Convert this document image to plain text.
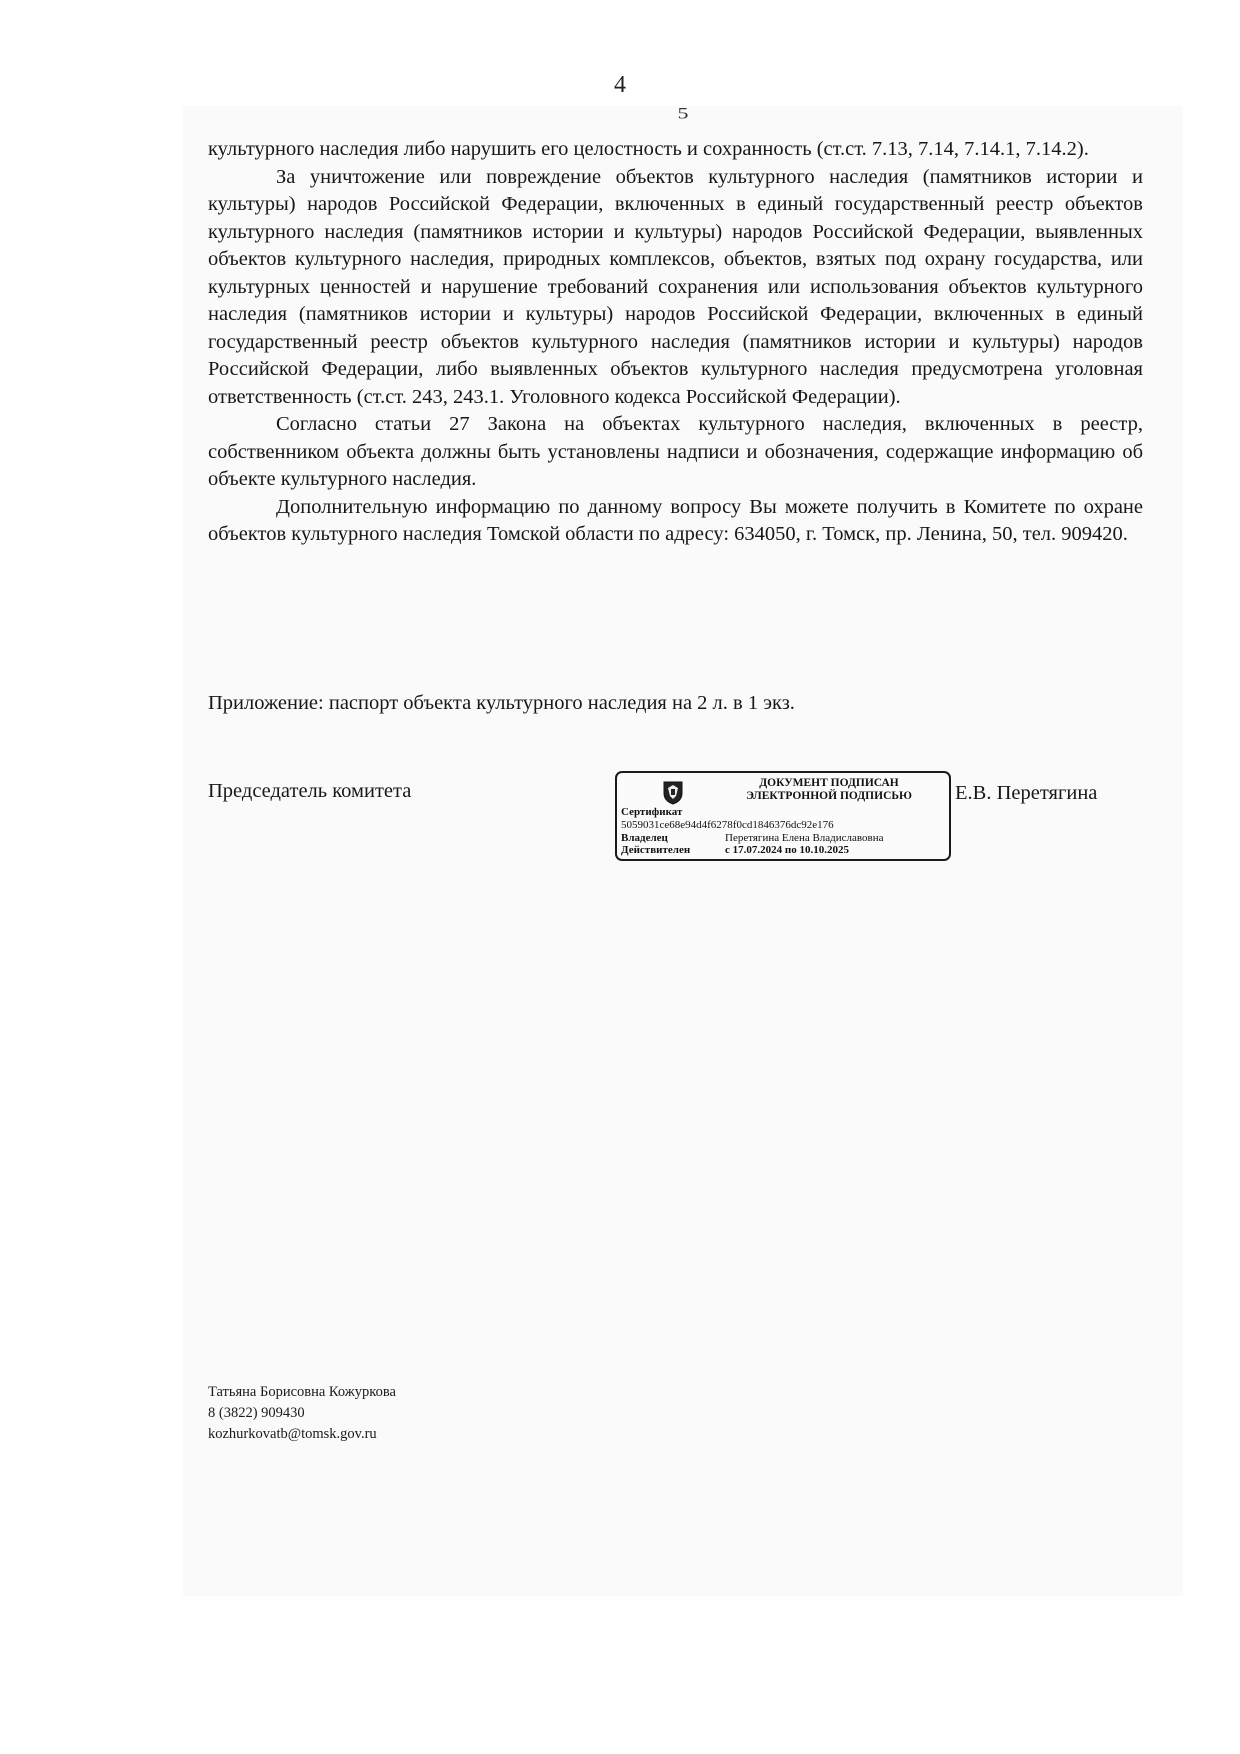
4
5

культурного наследия либо нарушить его целостность и сохранность (ст.ст. 7.13, 7.14, 7.14.1, 7.14.2).

За уничтожение или повреждение объектов культурного наследия (памятников истории и культуры) народов Российской Федерации, включенных в единый государственный реестр объектов культурного наследия (памятников истории и культуры) народов Российской Федерации, выявленных объектов культурного наследия, природных комплексов, объектов, взятых под охрану государства, или культурных ценностей и нарушение требований сохранения или использования объектов культурного наследия (памятников истории и культуры) народов Российской Федерации, включенных в единый государственный реестр объектов культурного наследия (памятников истории и культуры) народов Российской Федерации, либо выявленных объектов культурного наследия предусмотрена уголовная ответственность (ст.ст. 243, 243.1. Уголовного кодекса Российской Федерации).

Согласно статьи 27 Закона на объектах культурного наследия, включенных в реестр, собственником объекта должны быть установлены надписи и обозначения, содержащие информацию об объекте культурного наследия.

Дополнительную информацию по данному вопросу Вы можете получить в Комитете по охране объектов культурного наследия Томской области по адресу: 634050, г. Томск, пр. Ленина, 50, тел. 909420.

Приложение: паспорт объекта культурного наследия на 2 л. в 1 экз.
Председатель комитета	ДОКУМЕНТ ПОДПИСАН
ЭЛЕКТРОННОЙ ПОДПИСЬЮ
Сертификат
5059031ce68e94d4f6278f0cd1846376dc92e176
Владелец	Перетягина Елена Владиславовна
Действителен	с 17.07.2024 по 10.10.2025
Е.В. Перетягина
Татьяна Борисовна Кожуркова
8 (3822) 909430
kozhurkovatb@tomsk.gov.ru
